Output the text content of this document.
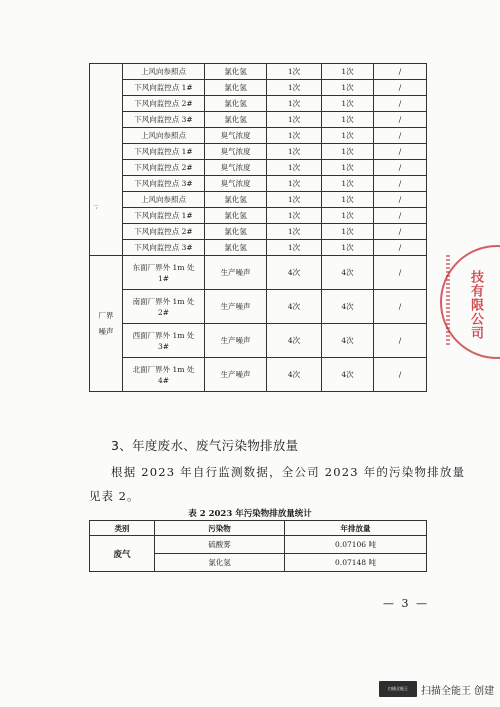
	上风向参照点	氯化氢	1次	1次	/
	下风向监控点 1#	氯化氢	1次	1次	/
	下风向监控点 2#	氯化氢	1次	1次	/
	下风向监控点 3#	氯化氢	1次	1次	/
	上风向参照点	臭气浓度	1次	1次	/
	下风向监控点 1#	臭气浓度	1次	1次	/
	下风向监控点 2#	臭气浓度	1次	1次	/
	下风向监控点 3#	臭气浓度	1次	1次	/
	上风向参照点	氯化氢	1次	1次	/
	下风向监控点 1#	氯化氢	1次	1次	/
	下风向监控点 2#	氯化氢	1次	1次	/
	下风向监控点 3#	氯化氢	1次	1次	/
厂界噪声	东面厂界外 1m 处 1#	生产噪声	4次	4次	/
	南面厂界外 1m 处 2#	生产噪声	4次	4次	/
	西面厂界外 1m 处 3#	生产噪声	4次	4次	/
	北面厂界外 1m 处 4#	生产噪声	4次	4次	/
·;
技有限公司
3、年度废水、废气污染物排放量
根据 2023 年自行监测数据，全公司 2023 年的污染物排放量
见表 2。
表 2 2023 年污染物排放量统计
类别	污染物	年排放量
废气	硫酸雾	0.07106 吨
	氯化氢	0.07148 吨
— 3 —
扫描全能王	扫描全能王 创建
